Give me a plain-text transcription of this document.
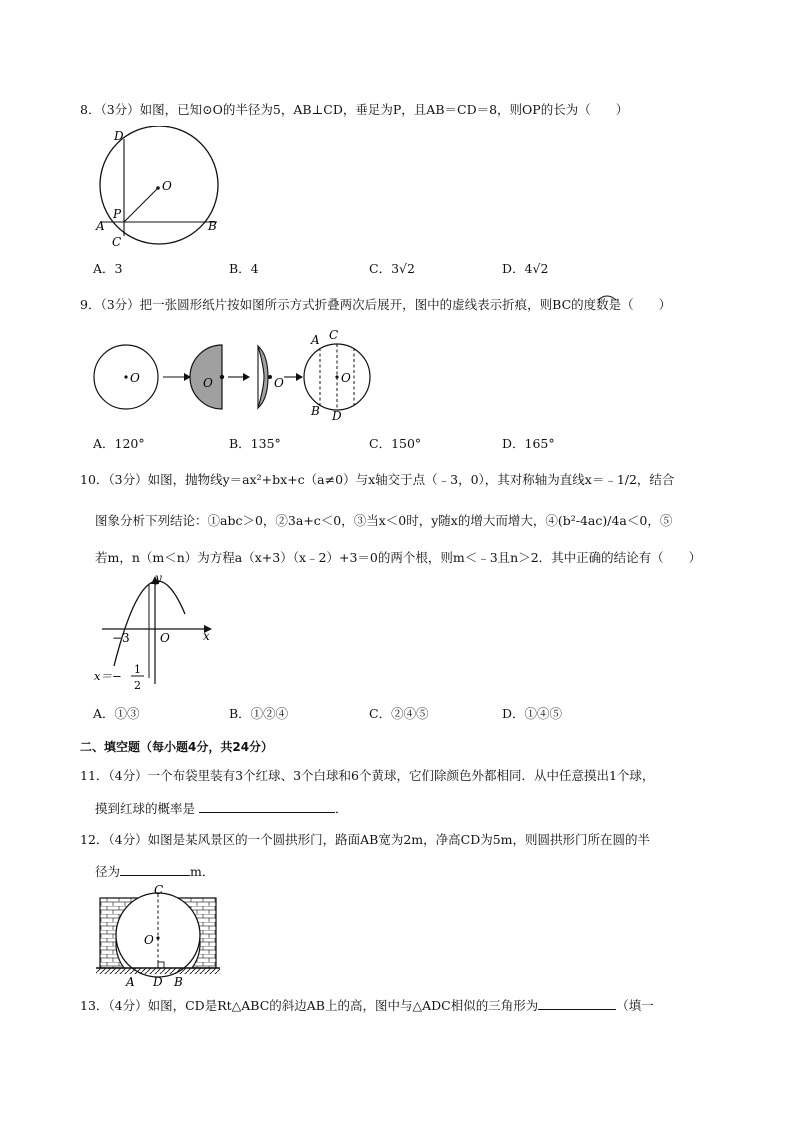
8．（3分）如图，已知⊙O的半径为5，AB⊥CD，垂足为P，且AB＝CD＝8，则OP的长为（　　）
D
O
P
A
C
B
A．3	B．4	C．3√2	D．4√2
9．（3分）把一张圆形纸片按如图所示方式折叠两次后展开，图中的虚线表示折痕，则BC的度数是（　　）
O	O	O
A C
O
B D
A．120°	B．135°	C．150°	D．165°
10．（3分）如图，抛物线y＝ax²+bx+c（a≠0）与x轴交于点（﹣3，0），其对称轴为直线x＝﹣1/2，结合
图象分析下列结论：①abc＞0，②3a+c＜0，③当x＜0时，y随x的增大而增大，④(b²-4ac)/4a＜0，⑤
若m，n（m＜n）为方程a（x+3）（x﹣2）+3＝0的两个根，则m＜﹣3且n＞2．其中正确的结论有（　　）
y
−3	O	x
x＝− 1
2
A．①③	B．①②④	C．②④⑤	D．①④⑤
二、填空题（每小题4分，共24分）
11．（4分）一个布袋里装有3个红球、3个白球和6个黄球，它们除颜色外都相同．从中任意摸出1个球，
摸到红球的概率是	．
12．（4分）如图是某风景区的一个圆拱形门，路面AB宽为2m，净高CD为5m，则圆拱形门所在圆的半
径为	m．
C
O
A D B
13．（4分）如图，CD是Rt△ABC的斜边AB上的高，图中与△ADC相似的三角形为	（填一
